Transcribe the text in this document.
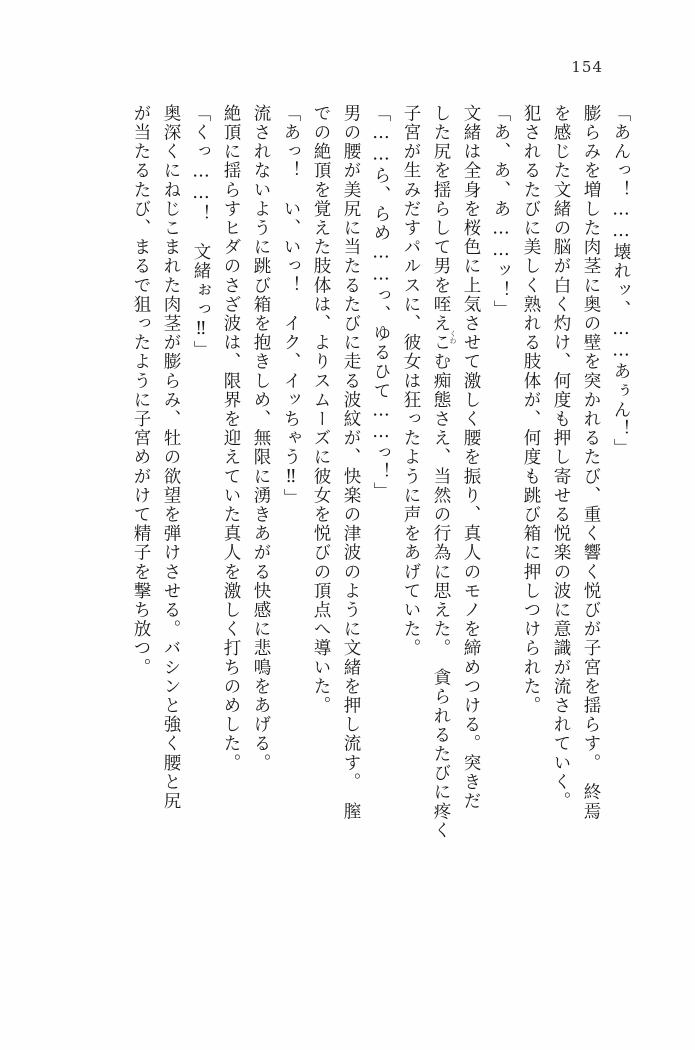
154
「あんっ！……壊れッ、……あぅん！」
膨らみを増した肉茎に奥の壁を突かれるたび、重く響く悦びが子宮を揺らす。　終焉
を感じた文緒の脳が白く灼け、何度も押し寄せる悦楽の波に意識が流されていく。
犯されるたびに美しく熟れる肢体が、何度も跳び箱に押しつけられた。
「あ、あ、あ……ッ！」
文緒は全身を桜色に上気させて激しく腰を振り、真人のモノを締めつける。突きだ
した尻を揺らして男を咥えこむ痴態さえ、当然の行為に思えた。　貪られるたびに疼く
子宮が生みだすパルスに、彼女は狂ったように声をあげていた。
「……ら、らめ……っ、ゆるひて……っ！」
男の腰が美尻に当たるたびに走る波紋が、快楽の津波のように文緒を押し流す。　膣
での絶頂を覚えた肢体は、よりスムーズに彼女を悦びの頂点へ導いた。
「あっ！　い、いっ！　イク、イッちゃう‼」
流されないように跳び箱を抱きしめ、無限に湧きあがる快感に悲鳴をあげる。
絶頂に揺らすヒダのさざ波は、限界を迎えていた真人を激しく打ちのめした。
「くっ……！　文緒ぉっ‼」
奥深くにねじこまれた肉茎が膨らみ、牡の欲望を弾けさせる。バシンと強く腰と尻
が当たるたび、まるで狙ったように子宮めがけて精子を撃ち放つ。	くわ
